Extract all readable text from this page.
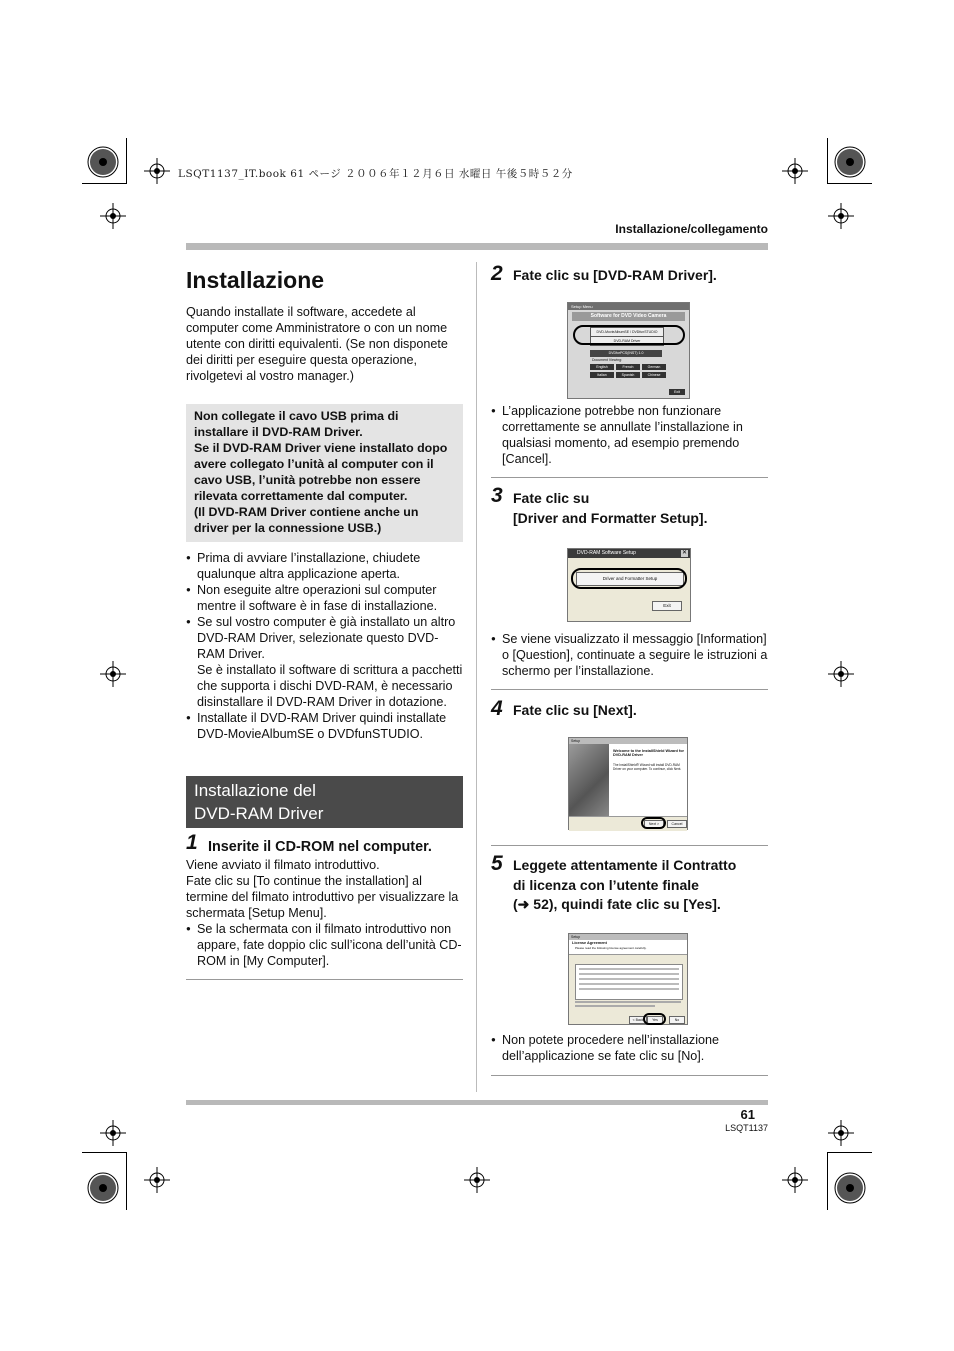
LSQT1137_IT.book 61 ページ ２００６年１２月６日 水曜日 午後５時５２分
Installazione/collegamento
Installazione
Quando installate il software, accedete al computer come Amministratore o con un nome utente con diritti equivalenti. (Se non disponete dei diritti per eseguire questa operazione, rivolgetevi al vostro manager.)
Non collegate il cavo USB prima di installare il DVD-RAM Driver.
Se il DVD-RAM Driver viene installato dopo avere collegato l’unità al computer con il cavo USB, l’unità potrebbe non essere rilevata correttamente dal computer.
(Il DVD-RAM Driver contiene anche un driver per la connessione USB.)
● Prima di avviare l’installazione, chiudete qualunque altra applicazione aperta.
● Non eseguite altre operazioni sul computer mentre il software è in fase di installazione.
● Se sul vostro computer è già installato un altro DVD-RAM Driver, selezionate questo DVD-RAM Driver.
Se è installato il software di scrittura a pacchetti che supporta i dischi DVD-RAM, è necessario disinstallare il DVD-RAM Driver in dotazione.
● Installate il DVD-RAM Driver quindi installate DVD-MovieAlbumSE o DVDfunSTUDIO.
Installazione del
DVD-RAM Driver
1 Inserite il CD-ROM nel computer.
Viene avviato il filmato introduttivo.
Fate clic su [To continue the installation] al termine del filmato introduttivo per visualizzare la schermata [Setup Menu].
● Se la schermata con il filmato introduttivo non appare, fate doppio clic sull’icona dell’unità CD-ROM in [My Computer].
2 Fate clic su [DVD-RAM Driver].
Setup Menu
Software for DVD Video Camera
DVD-MovieAlbumSE / DVDfunSTUDIO
DVD-RAM Driver
DVDforPCS(INST) 1.0
Document Viewing:
English	French	German
Italian	Spanish	Chinese
Exit
● L’applicazione potrebbe non funzionare correttamente se annullate l’installazione in qualsiasi momento, ad esempio premendo [Cancel].
3 Fate clic su
[Driver and Formatter Setup].
DVD-RAM Software Setup	✕
Driver and Formatter Setup
Exit
● Se viene visualizzato il messaggio [Information] o [Question], continuate a seguire le istruzioni a schermo per l’installazione.
4 Fate clic su [Next].
Setup
Welcome to the InstallShield Wizard for DVD-RAM Driver
The InstallShield® Wizard will install DVD-RAM Driver on your computer. To continue, click Next.
Next >	Cancel
5 Leggete attentamente il Contratto
di licenza con l’utente finale
(➜ 52), quindi fate clic su [Yes].
Setup
License Agreement
Please read the following license agreement carefully.
< Back	Yes	No
● Non potete procedere nell’installazione dell’applicazione se fate clic su [No].
61
LSQT1137
